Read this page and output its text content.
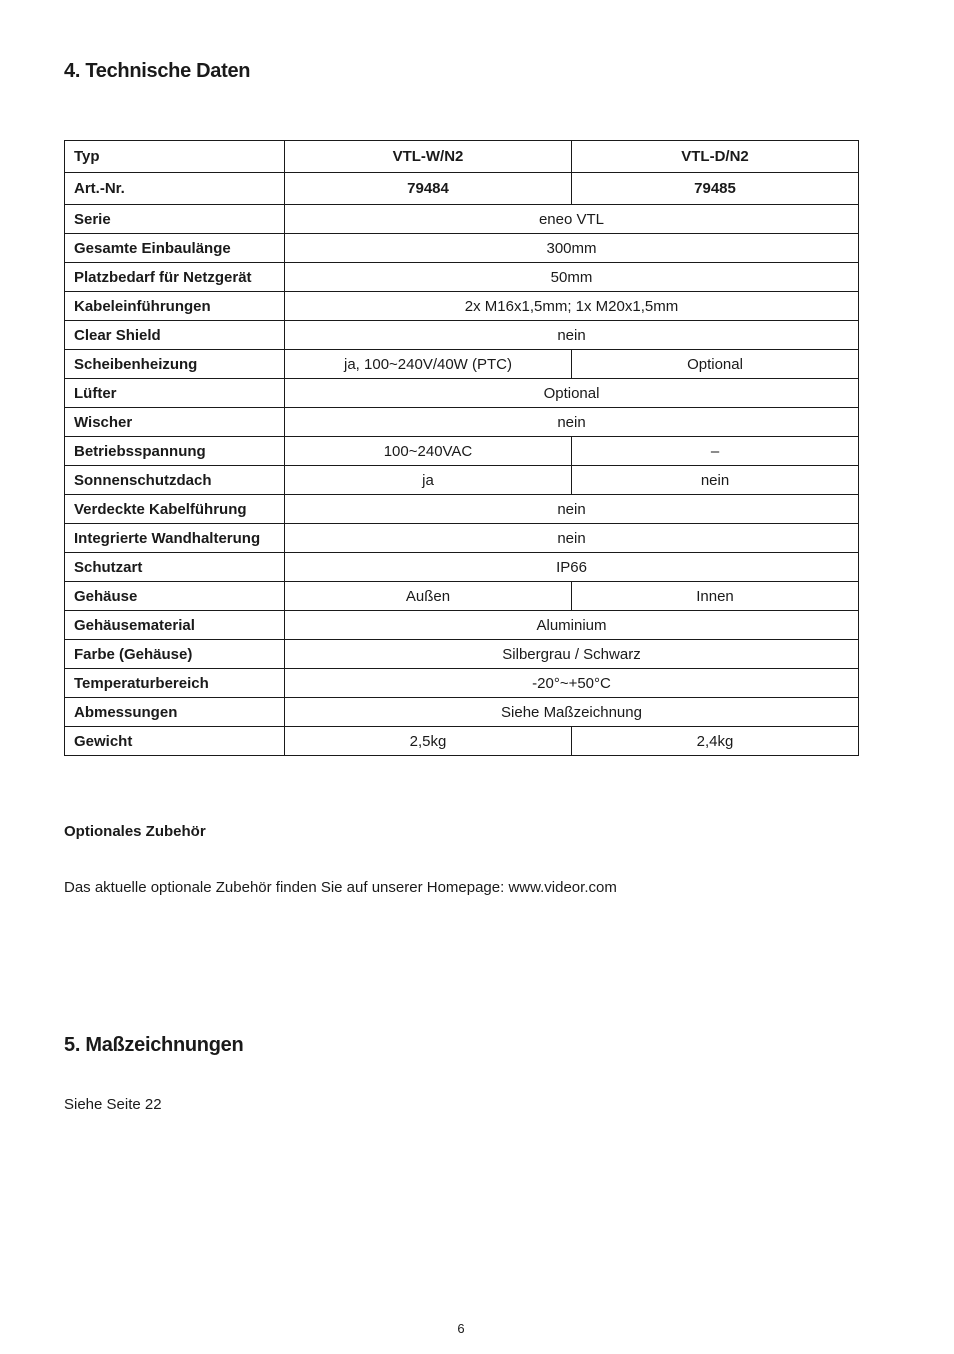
4. Technische Daten
Typ	VTL-W/N2	VTL-D/N2
Art.-Nr.	79484	79485
Serie	eneo VTL	
Gesamte Einbaulänge	300mm	
Platzbedarf für Netzgerät	50mm	
Kabeleinführungen	2x M16x1,5mm; 1x M20x1,5mm	
Clear Shield	nein	
Scheibenheizung	ja, 100~240V/40W (PTC)	Optional
Lüfter	Optional	
Wischer	nein	
Betriebsspannung	100~240VAC	–
Sonnenschutzdach	ja	nein
Verdeckte Kabelführung	nein	
Integrierte Wandhalterung	nein	
Schutzart	IP66	
Gehäuse	Außen	Innen
Gehäusematerial	Aluminium	
Farbe (Gehäuse)	Silbergrau / Schwarz	
Temperaturbereich	-20°~+50°C	
Abmessungen	Siehe Maßzeichnung	
Gewicht	2,5kg	2,4kg
Optionales Zubehör

Das aktuelle optionale Zubehör finden Sie auf unserer Homepage: www.videor.com

5. Maßzeichnungen

Siehe Seite 22

6
